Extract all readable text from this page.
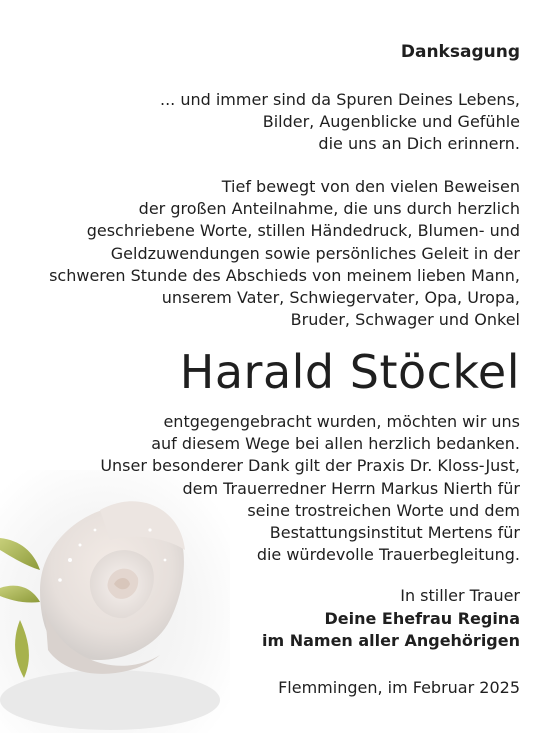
Danksagung

... und immer sind da Spuren Deines Lebens,
Bilder, Augenblicke und Gefühle
die uns an Dich erinnern.

Tief bewegt von den vielen Beweisen
der großen Anteilnahme, die uns durch herzlich
geschriebene Worte, stillen Händedruck, Blumen- und
Geldzuwendungen sowie persönliches Geleit in der
schweren Stunde des Abschieds von meinem lieben Mann,
unserem Vater, Schwiegervater, Opa, Uropa,
Bruder, Schwager und Onkel

Harald Stöckel

entgegengebracht wurden, möchten wir uns
auf diesem Wege bei allen herzlich bedanken.
Unser besonderer Dank gilt der Praxis Dr. Kloss-Just,
dem Trauerredner Herrn Markus Nierth für
seine trostreichen Worte und dem
Bestattungsinstitut Mertens für
die würdevolle Trauerbegleitung.

In stiller Trauer
Deine Ehefrau Regina
im Namen aller Angehörigen

Flemmingen, im Februar 2025
